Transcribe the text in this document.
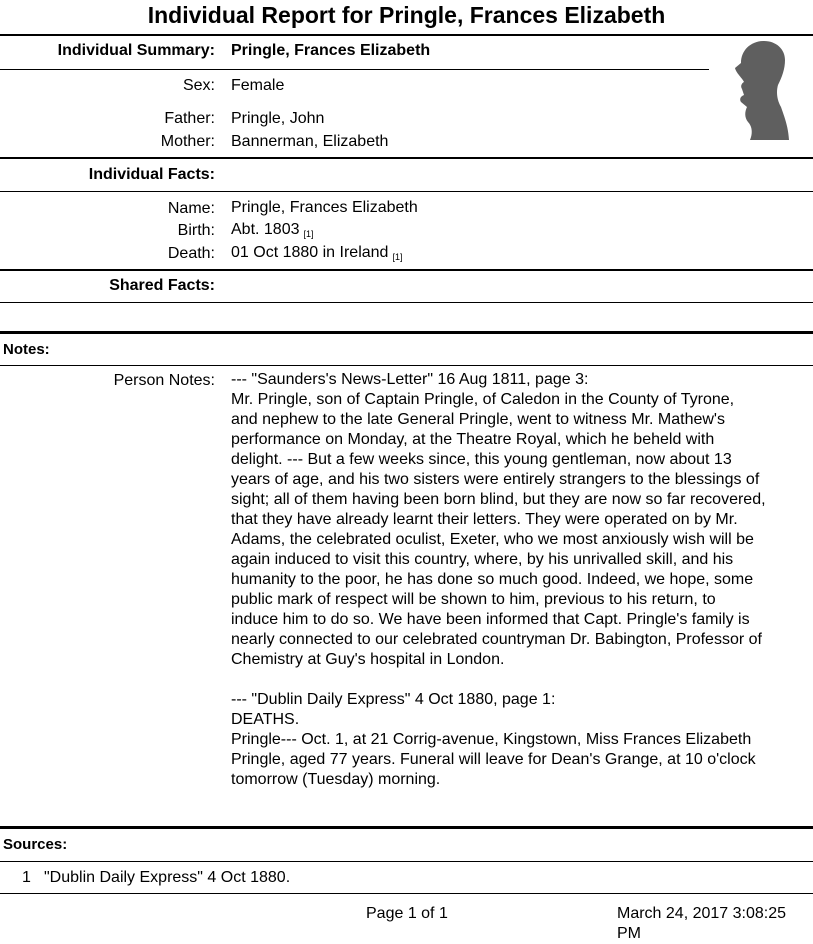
Individual Report for Pringle, Frances Elizabeth
Individual Summary: Pringle, Frances Elizabeth
Sex: Female
Father: Pringle, John
Mother: Bannerman, Elizabeth
Individual Facts:
Name: Pringle, Frances Elizabeth
Birth: Abt. 1803 [1]
Death: 01 Oct 1880 in Ireland [1]
Shared Facts:
Notes:
Person Notes: --- "Saunders's News-Letter" 16 Aug 1811, page 3:
Mr. Pringle, son of Captain Pringle, of Caledon in the County of Tyrone,
and nephew to the late General Pringle, went to witness Mr. Mathew's
performance on Monday, at the Theatre Royal, which he beheld with
delight. --- But a few weeks since, this young gentleman, now about 13
years of age, and his two sisters were entirely strangers to the blessings of
sight; all of them having been born blind, but they are now so far recovered,
that they have already learnt their letters. They were operated on by Mr.
Adams, the celebrated oculist, Exeter, who we most anxiously wish will be
again induced to visit this country, where, by his unrivalled skill, and his
humanity to the poor, he has done so much good. Indeed, we hope, some
public mark of respect will be shown to him, previous to his return, to
induce him to do so. We have been informed that Capt. Pringle's family is
nearly connected to our celebrated countryman Dr. Babington, Professor of
Chemistry at Guy's hospital in London.

--- "Dublin Daily Express" 4 Oct 1880, page 1:
DEATHS.
Pringle--- Oct. 1, at 21 Corrig-avenue, Kingstown, Miss Frances Elizabeth
Pringle, aged 77 years. Funeral will leave for Dean's Grange, at 10 o'clock
tomorrow (Tuesday) morning.
Sources:
1 "Dublin Daily Express" 4 Oct 1880.
Page 1 of 1	March 24, 2017 3:08:25 PM
